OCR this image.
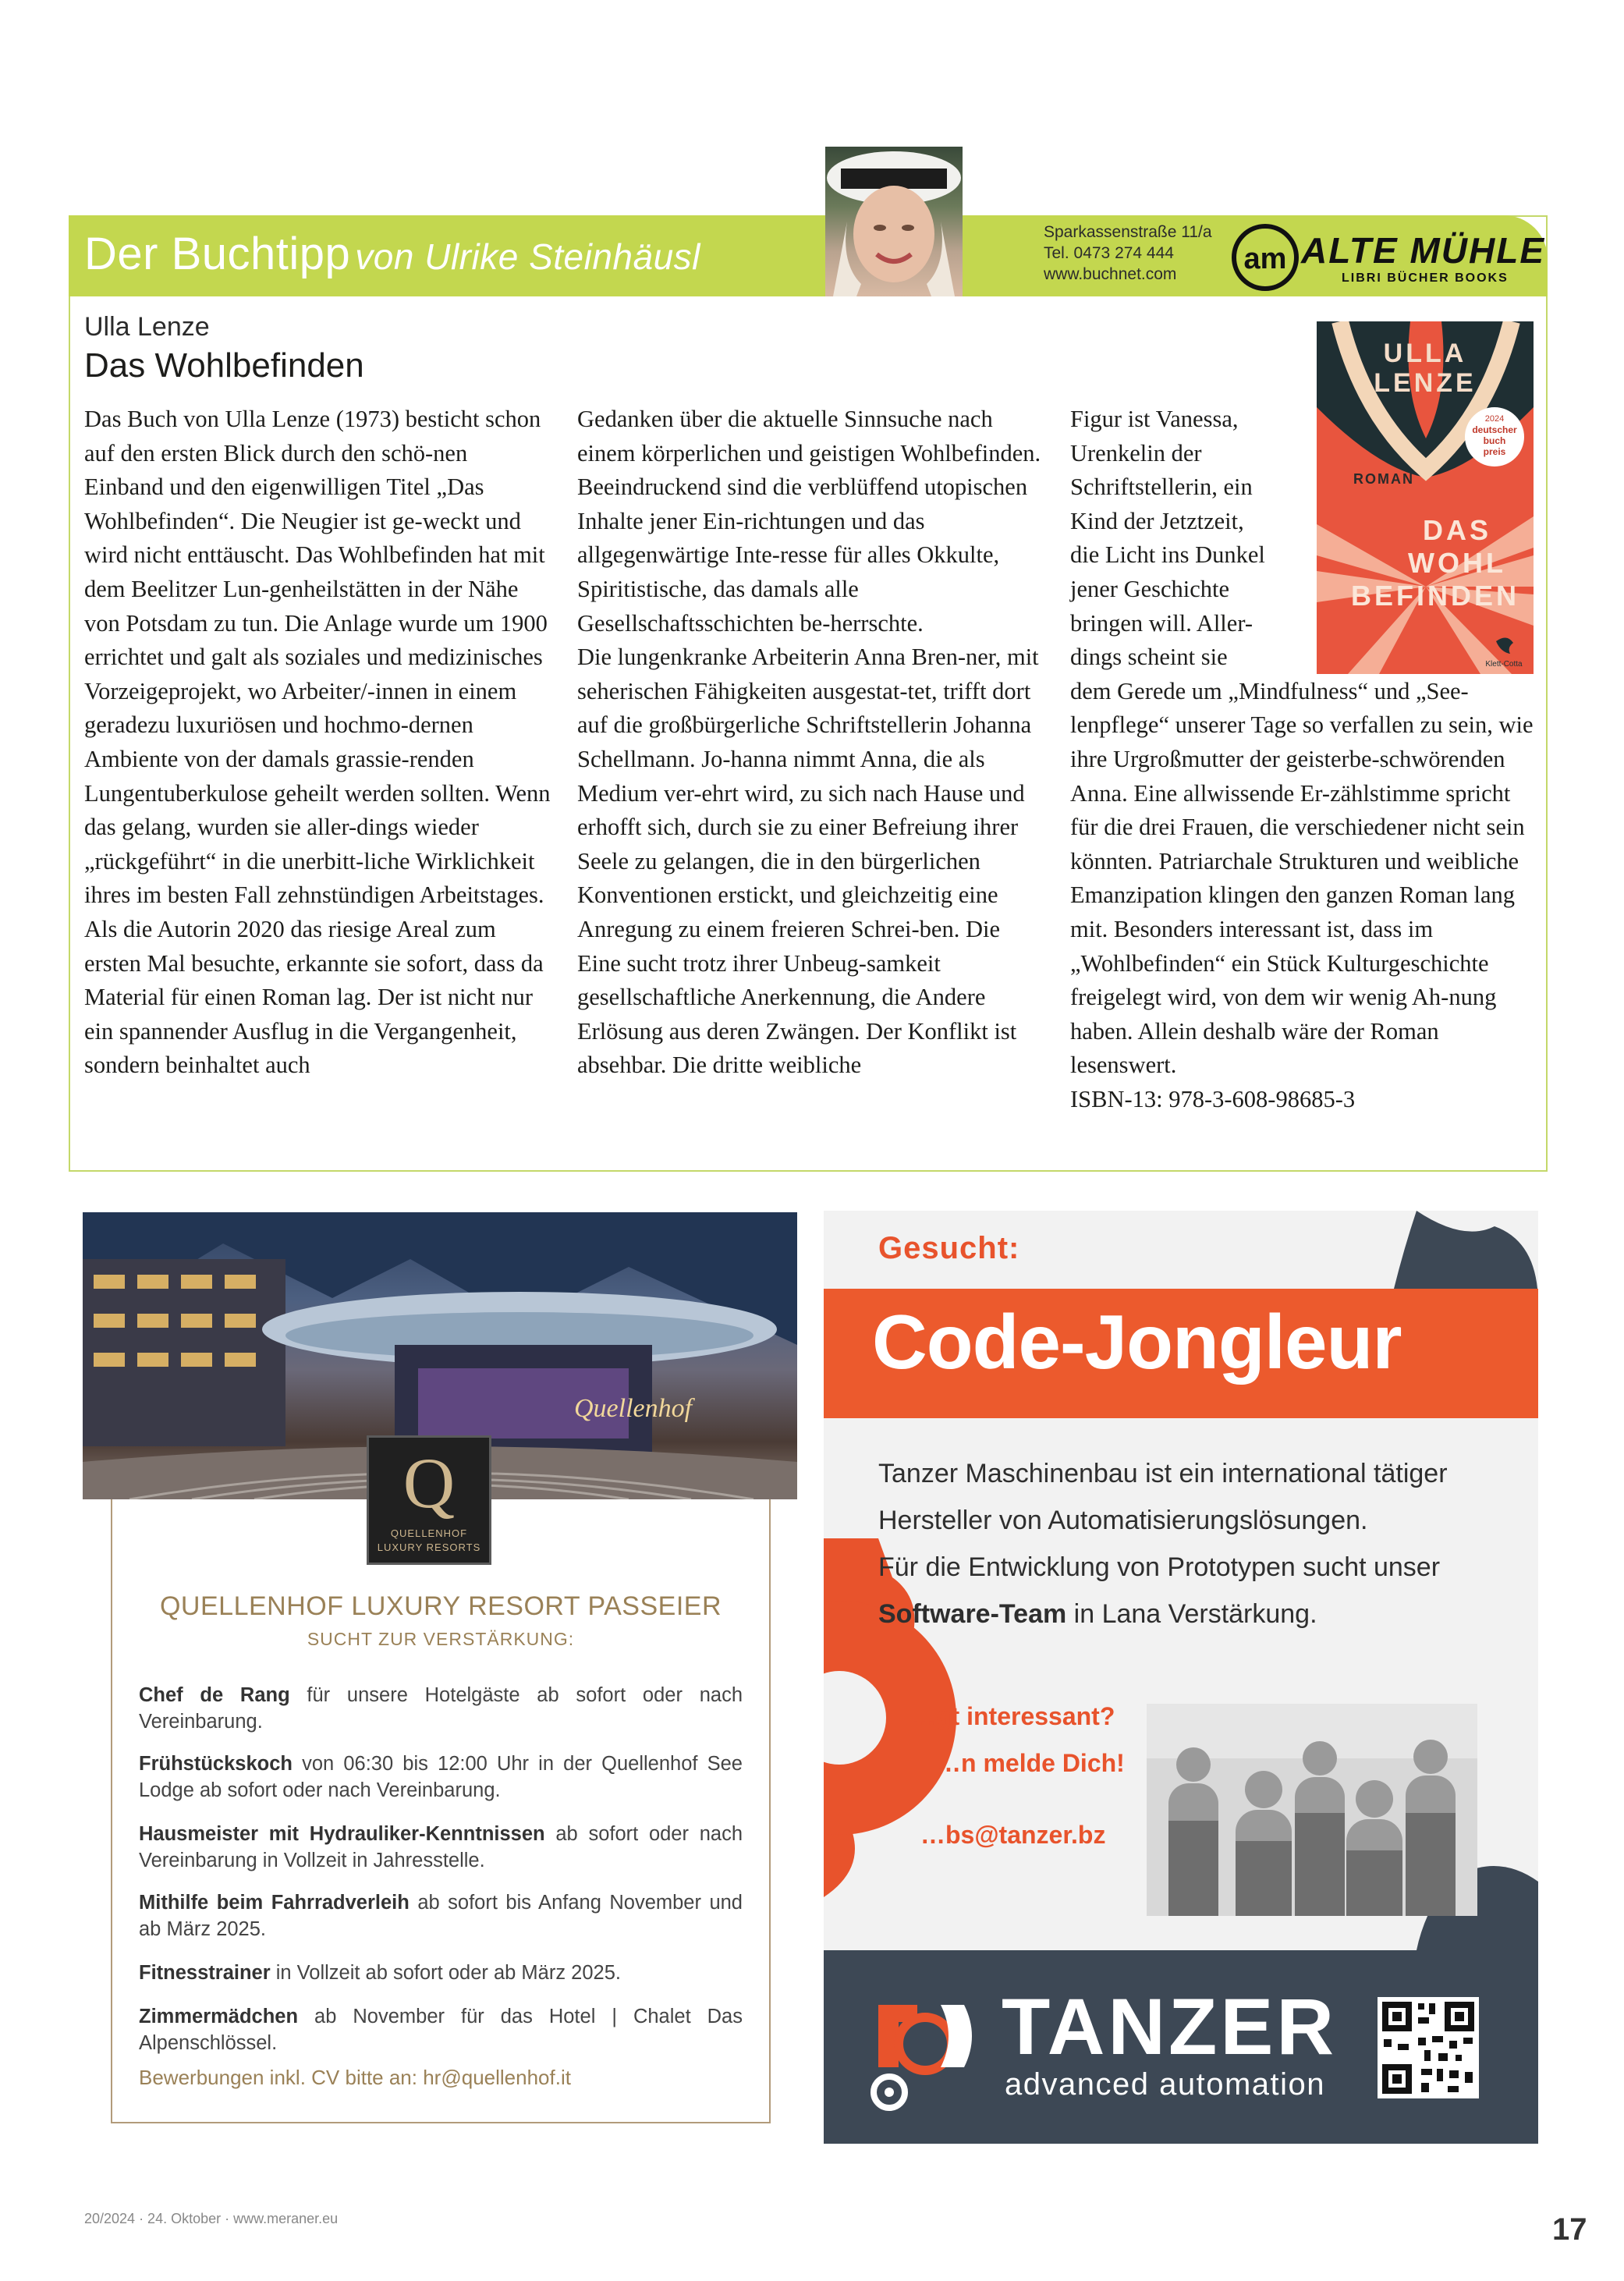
Der Buchtipp von Ulrike Steinhäusl
Sparkassenstraße 11/a
Tel. 0473 274 444
www.buchnet.com	am ALTE MÜHLE
LIBRI BÜCHER BOOKS
Ulla Lenze
Das Wohlbefinden

Das Buch von Ulla Lenze (1973) besticht schon auf den ersten Blick durch den schö-nen Einband und den eigenwilligen Titel „Das Wohlbefinden“. Die Neugier ist ge-weckt und wird nicht enttäuscht. Das Wohlbefinden hat mit dem Beelitzer Lun-genheilstätten in der Nähe von Potsdam zu tun. Die Anlage wurde um 1900 errichtet und galt als soziales und medizinisches Vorzeigeprojekt, wo Arbeiter/-innen in einem geradezu luxuriösen und hochmo-dernen Ambiente von der damals grassie-renden Lungentuberkulose geheilt werden sollten. Wenn das gelang, wurden sie aller-dings wieder „rückgeführt“ in die unerbitt-liche Wirklichkeit ihres im besten Fall zehnstündigen Arbeitstages.

Als die Autorin 2020 das riesige Areal zum ersten Mal besuchte, erkannte sie sofort, dass da Material für einen Roman lag. Der ist nicht nur ein spannender Ausflug in die Vergangenheit, sondern beinhaltet auch

Gedanken über die aktuelle Sinnsuche nach einem körperlichen und geistigen Wohlbefinden. Beeindruckend sind die verblüffend utopischen Inhalte jener Ein-richtungen und das allgegenwärtige Inte-resse für alles Okkulte, Spiritistische, das damals alle Gesellschaftsschichten be-herrschte.

Die lungenkranke Arbeiterin Anna Bren-ner, mit seherischen Fähigkeiten ausgestat-tet, trifft dort auf die großbürgerliche Schriftstellerin Johanna Schellmann. Jo-hanna nimmt Anna, die als Medium ver-ehrt wird, zu sich nach Hause und erhofft sich, durch sie zu einer Befreiung ihrer Seele zu gelangen, die in den bürgerlichen Konventionen erstickt, und gleichzeitig eine Anregung zu einem freieren Schrei-ben. Die Eine sucht trotz ihrer Unbeug-samkeit gesellschaftliche Anerkennung, die Andere Erlösung aus deren Zwängen. Der Konflikt ist absehbar. Die dritte weibliche

Figur ist Vanessa,
Urenkelin der
Schriftstellerin, ein
Kind der Jetztzeit,
die Licht ins Dunkel
jener Geschichte
bringen will. Aller-
dings scheint sie

dem Gerede um „Mindfulness“ und „See-lenpflege“ unserer Tage so verfallen zu sein, wie ihre Urgroßmutter der geisterbe-schwörenden Anna. Eine allwissende Er-zählstimme spricht für die drei Frauen, die verschiedener nicht sein könnten. Patriarchale Strukturen und weibliche Emanzipation klingen den ganzen Roman lang mit. Besonders interessant ist, dass im „Wohlbefinden“ ein Stück Kulturgeschichte freigelegt wird, von dem wir wenig Ah-nung haben. Allein deshalb wäre der Roman lesenswert.

ISBN-13: 978-3-608-98685-3

ULLA
LENZE
ROMAN
DAS
WOHL
BEFINDEN
2024
deutscher
buch
preis
Klett-Cotta
Quellenhof
Q
QUELLENHOF
LUXURY RESORTS
QUELLENHOF LUXURY RESORT PASSEIER
SUCHT ZUR VERSTÄRKUNG:
Chef de Rang für unsere Hotelgäste ab sofort oder nach Vereinbarung.
Frühstückskoch von 06:30 bis 12:00 Uhr in der Quellenhof See Lodge ab sofort oder nach Vereinbarung.
Hausmeister mit Hydrauliker-Kenntnissen ab sofort oder nach Vereinbarung in Vollzeit in Jahresstelle.
Mithilfe beim Fahrradverleih ab sofort bis Anfang November und ab März 2025.
Fitnesstrainer in Vollzeit ab sofort oder ab März 2025.
Zimmermädchen ab November für das Hotel | Chalet Das Alpenschlössel.
Bewerbungen inkl. CV bitte an: hr@quellenhof.it
Gesucht:
Code-Jongleur
Tanzer Maschinenbau ist ein international tätiger
Hersteller von Automatisierungslösungen.
Für die Entwicklung von Prototypen sucht unser
Software-Team in Lana Verstärkung.
…gt interessant?
…n melde Dich!
…bs@tanzer.bz
TANZER
advanced automation
20/2024 · 24. Oktober · www.meraner.eu	17
